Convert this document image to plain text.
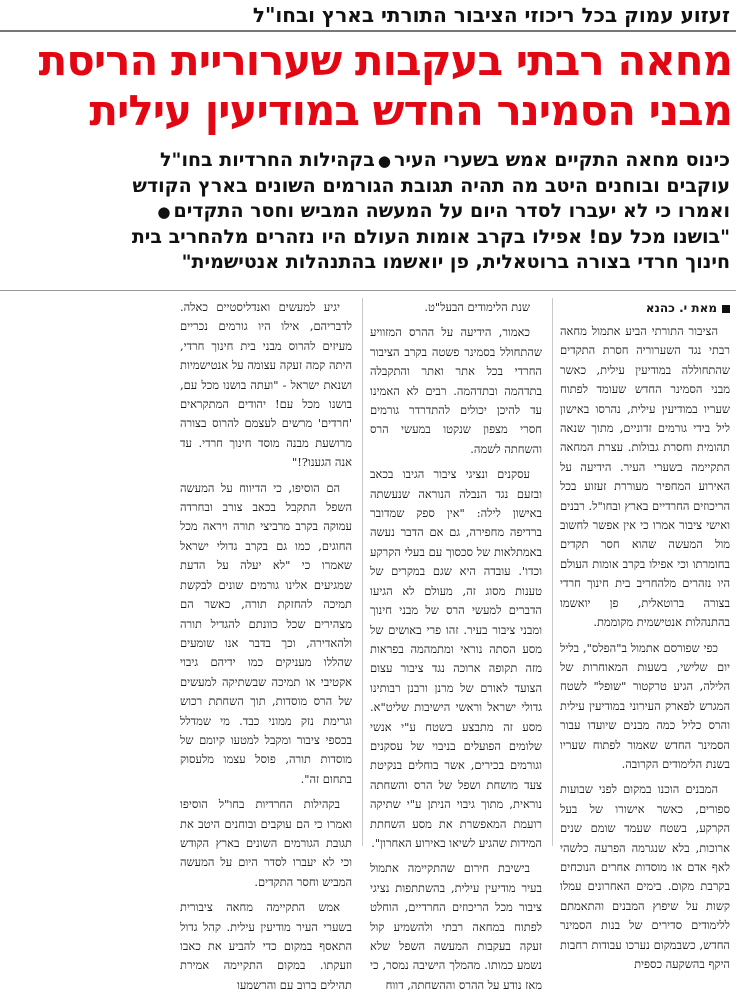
זעזוע עמוק בכל ריכוזי הציבור התורתי בארץ ובחו"ל
מחאה רבתי בעקבות שערוריית הריסת
מבני הסמינר החדש במודיעין עילית
כינוס מחאה התקיים אמש בשערי העיר●בקהילות החרדיות בחו"ל
עוקבים ובוחנים היטב מה תהיה תגובת הגורמים השונים בארץ הקודש
ואמרו כי לא יעברו לסדר היום על המעשה המביש וחסר התקדים●
"בושנו מכל עם! אפילו בקרב אומות העולם היו נזהרים מלהחריב בית
חינוך חרדי בצורה ברוטאלית, פן יואשמו בהתנהלות אנטישמית"
מאת י. כהנא

הציבור התורתי הביע אתמול מחאה רבתי נגד השערוריה חסרת התקדים שהתחוללה במודיעין עילית, כאשר מבני הסמינר החדש שעומד לפתוח שעריו במודיעין עילית, נהרסו באישון ליל בידי גורמים זדוניים, מתוך שנאה תהומית וחסרת גבולות. עצרת המחאה התקיימה בשערי העיר. הידיעה על האירוע המחפיר מעוררת זעזוע בכל הריכוזים החרדיים בארץ ובחו"ל. רבנים ואישי ציבור אמרו כי אין אפשר לחשוב מול המעשה שהוא חסר תקדים בחומרתו וכי אפילו בקרב אומות העולם היו נזהרים מלהחריב בית חינוך חרדי בצורה ברוטאלית, פן יואשמו בהתנהלות אנטישמית מקוממת.

כפי שפורסם אתמול ב"הפלס", בליל יום שלישי, בשעות המאוחרות של הלילה, הגיע טרקטור "שופל" לשטח המגרש לפארק העירוני במודיעין עילית והרס כליל כמה מבנים שיועדו עבור הסמינר החדש שאמור לפתוח שעריו בשנת הלימודים הקרובה.

המבנים הוכנו במקום לפני שבועות ספורים, כאשר אישורו של בעל הקרקע, בשטח שעמד שומם שנים ארוכות, בלא שנגרמה הפרעה כלשהי לאף אדם או מוסדות אחרים הנוכחים בקרבת מקום. בימים האחרונים עמלו קשות על שיפוץ המבנים והתאמתם ללימודים סדירים של בנות הסמינר החדש, כשבמקום נערכו עבודות רחבות היקף בהשקעה כספית

שנת הלימודים הבעל"ט.

כאמור, הידיעה על ההרס המזוויע שהתחולל בסמינר פשטה בקרב הציבור החרדי בכל אתר ואתר והתקבלה בתדהמה ובתדהמה. רבים לא האמינו עד להיכן יכולים להתדרדר גורמים חסרי מצפון שנקטו במעשי הרס והשחתה לשמה.

עסקנים ונציגי ציבור הגיבו בכאב ובזעם נגד הנבלה הנוראה שנעשתה באישון לילה: "אין ספק שמדובר ברדיפה מחפירה, גם אם הדבר נעשה באמתלאות של סכסוך עם בעלי הקרקע וכדו'. עובדה היא שגם במקרים של טענות מסוג זה, מעולם לא הגיעו הדברים למעשי הרס של מבני חינוך ומבני ציבור בעיר. זהו פרי באושים של מסע הסתה נוראי ומתמהמה בפראות מזה תקופה ארוכה נגד ציבור עצום הצועד לאורם של מרנן ורבנן רבותינו גדולי ישראל וראשי הישיבות שליט"א. מסע זה מתבצע בשטח ע"י אנשי שלומים הפועלים בניבוי של עסקנים וגורמים בכירים, אשר בוחלים בנקיטת צעד מושחת ושפל של הרס והשחתה נוראית, מתוך גיבוי הניתן ע"י שתיקה רועמת המאפשרת את מסע השחתת המידות שהגיע לשיאו באירוע האחרון".

בישיבת חירום שהתקיימה אתמול בעיר מודיעין עילית, בהשתתפות נציגי ציבור מכל הריכוזים החרדיים, הוחלט לפתוח במחאה רבתי ולהשמיע קול זעקה בעקבות המעשה השפל שלא נשמע כמותו. מהמלך הישיבה נמסר, כי מאז נודע על ההרס וההשחתה, דווח

יגיע למעשים ואנדליסטיים כאלה. לדבריהם, אילו היו גורמים נכריים מעיזים להרוס מבני בית חינוך חרדי, היתה קמה זעקה עצומה על אנטישמיות ושנאת ישראל - "ועתה בושנו מכל עם, בושנו מכל עם! יהודים המתקראים 'חרדים' מרשים לעצמם להרוס בצורה מרושעת מבנה מוסד חינוך חרדי. עד אנה הגענו?!"

הם הוסיפו, כי הדיווח על המעשה השפל התקבל בכאב צורב ובחרדה עמוקה בקרב מרביצי תורה ויראה מכל החוגים, כמו גם בקרב גדולי ישראל שאמרו כי "לא יעלה על הדעת שמגיעים אלינו גורמים שונים לבקשת תמיכה להחזקת תורה, כאשר הם מצהירים שכל כוונתם להגדיל תורה ולהאדירה, וכך בדבר אנו שומעים שהללו מעניקים כמו ידיהם גיבוי אקטיבי או תמיכה שבשתיקה למעשים של הרס מוסדות, תוך השחתת רכוש וגרימת נזק ממוני כבד. מי שמדלל בכספי ציבור ומקבל למטעו קיומם של מוסדות תורה, פוסל עצמו מלעסוק בתחום זה".

בקהילות החרדיות בחו"ל הוסיפו ואמרו כי הם עוקבים ובוחנים היטב את תגובת הגורמים השונים בארץ הקודש וכי לא יעברו לסדר היום על המעשה המביש וחסר התקדים.

אמש התקיימה מחאה ציבורית בשערי העיר מודיעין עילית. קהל גדול התאסף במקום כדי להביע את כאבו וזעקתו. במקום התקיימה אמירת תהילים ברוב עם והרשמעו
